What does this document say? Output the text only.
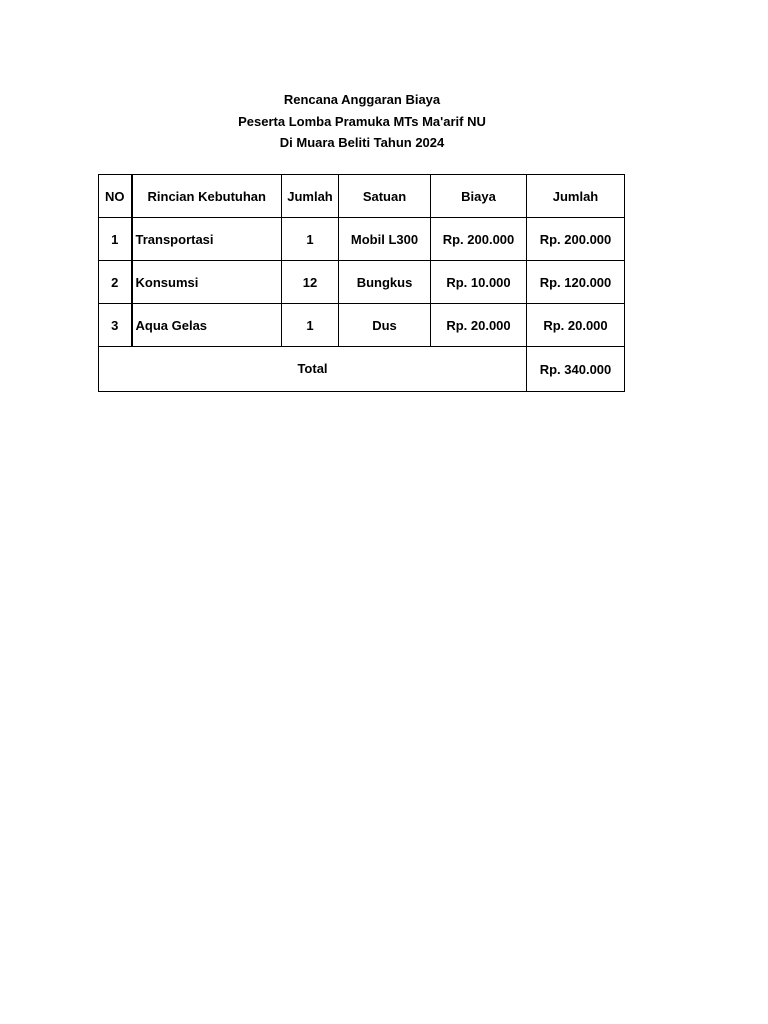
Rencana Anggaran Biaya
Peserta Lomba Pramuka MTs Ma'arif NU
Di Muara Beliti Tahun 2024
NO	Rincian Kebutuhan	Jumlah	Satuan	Biaya	Jumlah
1	Transportasi	1	Mobil L300	Rp. 200.000	Rp. 200.000
2	Konsumsi	12	Bungkus	Rp. 10.000	Rp. 120.000
3	Aqua Gelas	1	Dus	Rp. 20.000	Rp. 20.000
Total					Rp. 340.000
